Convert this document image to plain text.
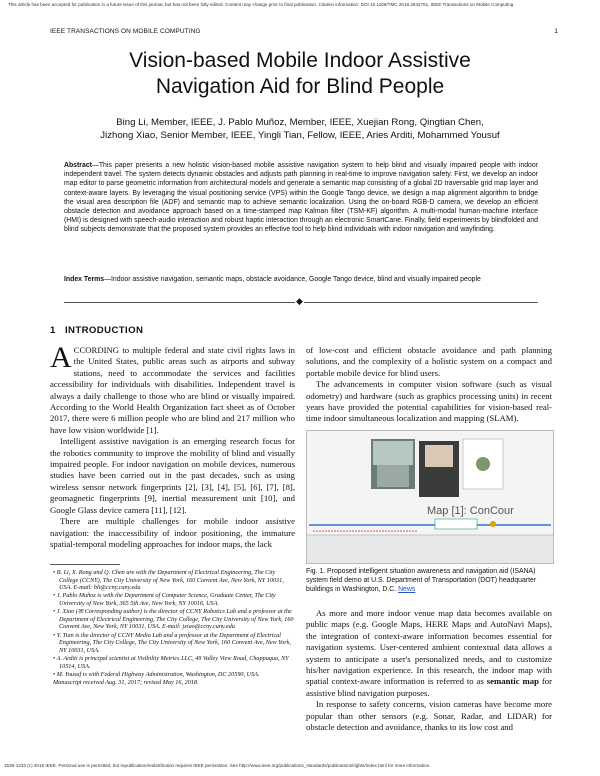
This article has been accepted for publication in a future issue of this journal, but has not been fully edited. Content may change prior to final publication. Citation information: DOI 10.1109/TMC.2018.2842751, IEEE Transactions on Mobile Computing
IEEE TRANSACTIONS ON MOBILE COMPUTING	1
Vision-based Mobile Indoor Assistive
Navigation Aid for Blind People
Bing Li, Member, IEEE, J. Pablo Muñoz, Member, IEEE, Xuejian Rong, Qingtian Chen,
Jizhong Xiao, Senior Member, IEEE, Yingli Tian, Fellow, IEEE, Aries Arditi, Mohammed Yousuf
Abstract—This paper presents a new holistic vision-based mobile assistive navigation system to help blind and visually impaired people with indoor independent travel. The system detects dynamic obstacles and adjusts path planning in real-time to improve navigation safety. First, we develop an indoor map editor to parse geometric information from architectural models and generate a semantic map consisting of a global 2D traversable grid map layer and context-aware layers. By leveraging the visual positioning service (VPS) within the Google Tango device, we design a map alignment algorithm to bridge the visual area description file (ADF) and semantic map to achieve semantic localization. Using the on-board RGB-D camera, we develop an efficient obstacle detection and avoidance approach based on a time-stamped map Kalman filter (TSM-KF) algorithm. A multi-modal human-machine interface (HMI) is designed with speech-audio interaction and robust haptic interaction through an electronic SmartCane. Finally, field experiments by blindfolded and blind subjects demonstrate that the proposed system provides an effective tool to help blind individuals with indoor navigation and wayfinding.
Index Terms—Indoor assistive navigation, semantic maps, obstacle avoidance, Google Tango device, blind and visually impaired people
◆
1 INTRODUCTION

ACCORDING to multiple federal and state civil rights laws in the United States, public areas such as airports and subway stations, need to accommodate the services and facilities accessibility for individuals with disabilities. Independent travel is always a daily challenge to those who are blind or visually impaired. According to the World Health Organization fact sheet as of October 2017, there were 6 million people who are blind and 217 million who have low vision worldwide [1].

Intelligent assistive navigation is an emerging research focus for the robotics community to improve the mobility of blind and visually impaired people. For indoor navigation on mobile devices, numerous studies have been carried out in the past decades, such as using wireless sensor network fingerprints [2], [3], [4], [5], [6], [7], [8], geomagnetic fingerprints [9], inertial measurement unit [10], and Google Glass device camera [11], [12].

There are multiple challenges for mobile indoor assistive navigation: the inaccessibility of indoor positioning, the immature spatial-temporal modeling approaches for indoor maps, the lack

• B. Li, X. Rong and Q. Chen are with the Department of Electrical Engineering, The City College (CCNY), The City University of New York, 160 Convent Ave, New York, NY 10031, USA. E-mail: bli@ccny.cuny.edu
• J. Pablo Muñoz is with the Department of Computer Science, Graduate Center, The City University of New York, 365 5th Ave, New York, NY 10016, USA.
• J. Xiao (✉ Corresponding author) is the director of CCNY Robotics Lab and a professor at the Department of Electrical Engineering, The City College, The City University of New York, 160 Convent Ave, New York, NY 10031, USA. E-mail: jxiao@ccny.cuny.edu
• Y. Tian is the director of CCNY Media Lab and a professor at the Department of Electrical Engineering, The City College, The City University of New York, 160 Convent Ave, New York, NY 10031, USA.
• A. Arditi is principal scientist at Visibility Metrics LLC, 49 Valley View Road, Chappaqua, NY 10514, USA.
• M. Yousuf is with Federal Highway Administration, Washington, DC 20590, USA.
Manuscript received Aug. 31, 2017; revised May 16, 2018.

of low-cost and efficient obstacle avoidance and path planning solutions, and the complexity of a holistic system on a compact and portable mobile device for blind users.

The advancements in computer vision software (such as visual odometry) and hardware (such as graphics processing units) in recent years have provided the potential capabilities for vision-based real-time indoor simultaneous localization and mapping (SLAM).

Map [1]: ConCour
Fig. 1. Proposed intelligent situation awareness and navigation aid (ISANA) system field demo at U.S. Department of Transportation (DOT) headquarter buildings in Washington, D.C. News

As more and more indoor venue map data becomes available on public maps (e.g. Google Maps, HERE Maps and AutoNavi Maps), the integration of context-aware information becomes essential for navigation systems. User-centered ambient contextual data allows a system to anticipate a user's personalized needs, and to customize his/her navigation experience. In this research, the indoor map with spatial context-aware information is referred to as semantic map for assistive blind navigation purposes.

In response to safety concerns, vision cameras have become more popular than other sensors (e.g. Sonar, Radar, and LIDAR) for obstacle detection and avoidance, thanks to its low cost and

1536-1233 (c) 2018 IEEE. Personal use is permitted, but republication/redistribution requires IEEE permission. See http://www.ieee.org/publications_standards/publications/rights/index.html for more information.
